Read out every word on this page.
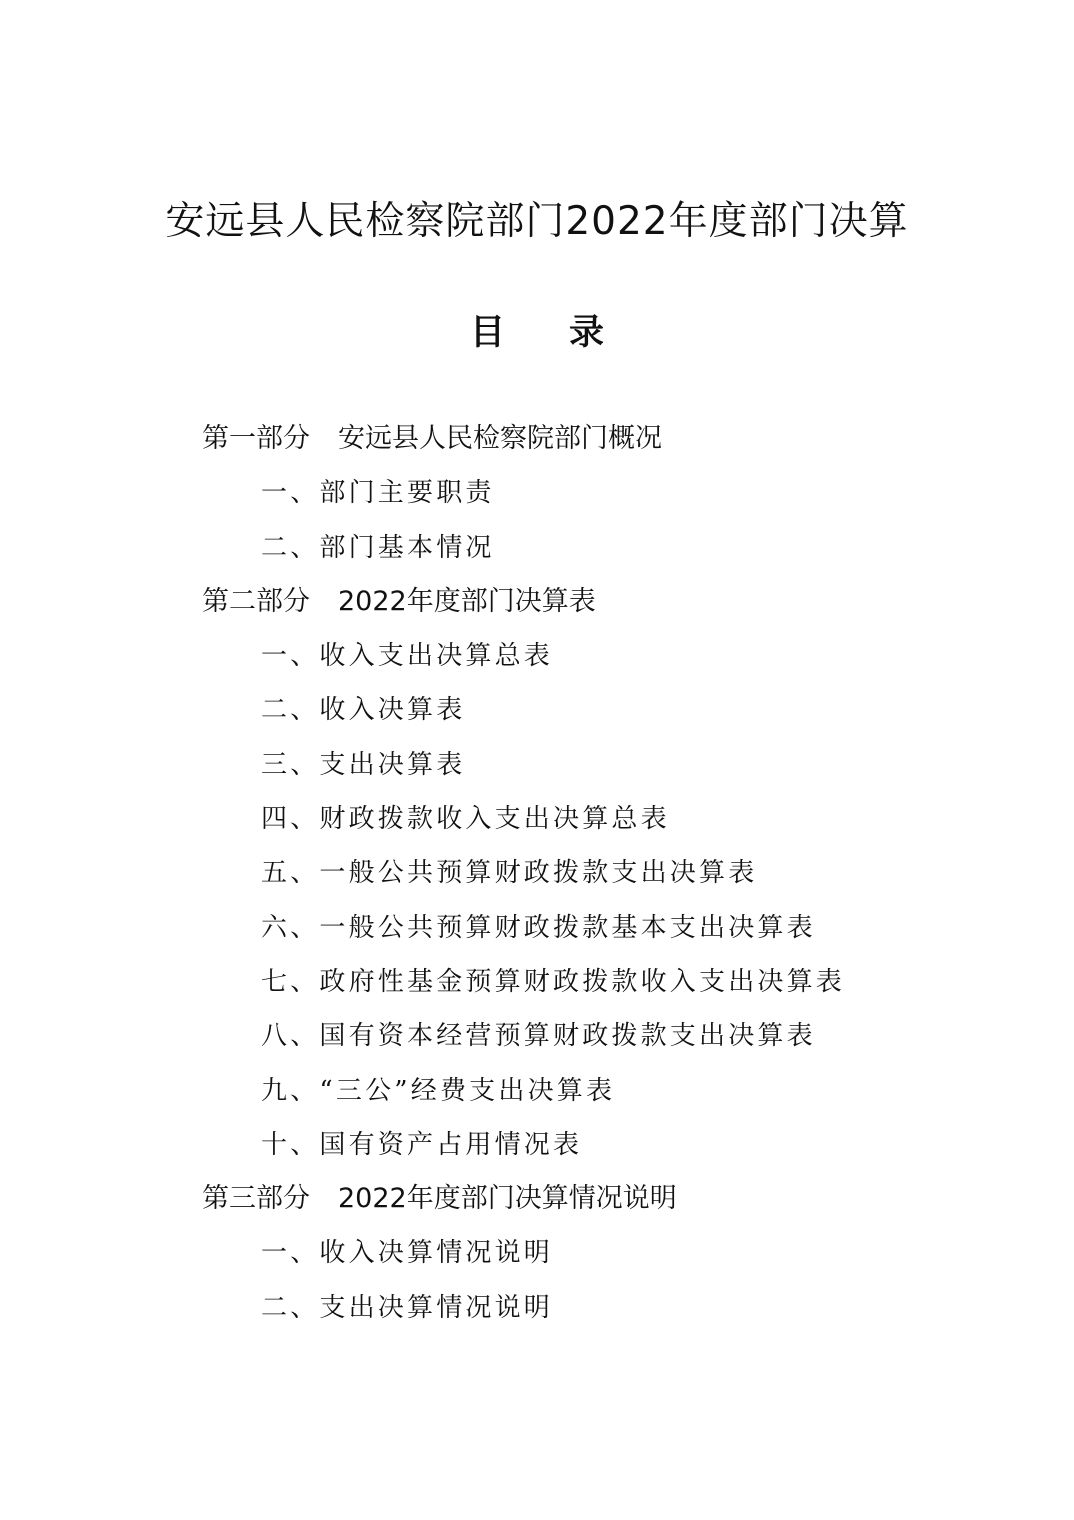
安远县人民检察院部门2022年度部门决算
目 录
第一部分 安远县人民检察院部门概况
一、部门主要职责
二、部门基本情况
第二部分 2022年度部门决算表
一、收入支出决算总表
二、收入决算表
三、支出决算表
四、财政拨款收入支出决算总表
五、一般公共预算财政拨款支出决算表
六、一般公共预算财政拨款基本支出决算表
七、政府性基金预算财政拨款收入支出决算表
八、国有资本经营预算财政拨款支出决算表
九、“三公”经费支出决算表
十、国有资产占用情况表
第三部分 2022年度部门决算情况说明
一、收入决算情况说明
二、支出决算情况说明
